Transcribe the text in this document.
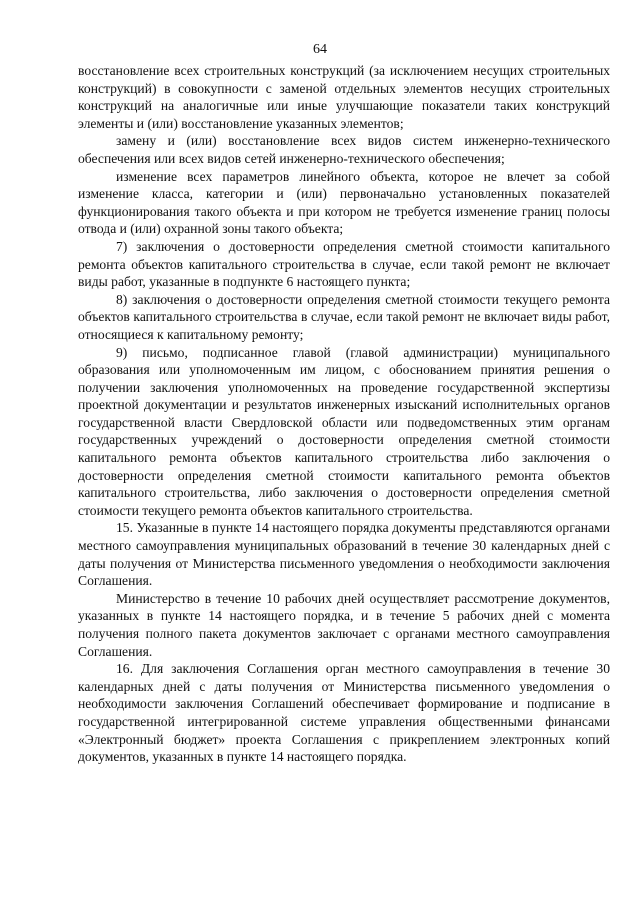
64

восстановление всех строительных конструкций (за исключением несущих строительных конструкций) в совокупности с заменой отдельных элементов несущих строительных конструкций на аналогичные или иные улучшающие показатели таких конструкций элементы и (или) восстановление указанных элементов;

замену и (или) восстановление всех видов систем инженерно-технического обеспечения или всех видов сетей инженерно-технического обеспечения;

изменение всех параметров линейного объекта, которое не влечет за собой изменение класса, категории и (или) первоначально установленных показателей функционирования такого объекта и при котором не требуется изменение границ полосы отвода и (или) охранной зоны такого объекта;

7) заключения о достоверности определения сметной стоимости капитального ремонта объектов капитального строительства в случае, если такой ремонт не включает виды работ, указанные в подпункте 6 настоящего пункта;

8) заключения о достоверности определения сметной стоимости текущего ремонта объектов капитального строительства в случае, если такой ремонт не включает виды работ, относящиеся к капитальному ремонту;

9) письмо, подписанное главой (главой администрации) муниципального образования или уполномоченным им лицом, с обоснованием принятия решения о получении заключения уполномоченных на проведение государственной экспертизы проектной документации и результатов инженерных изысканий исполнительных органов государственной власти Свердловской области или подведомственных этим органам государственных учреждений о достоверности определения сметной стоимости капитального ремонта объектов капитального строительства либо заключения о достоверности определения сметной стоимости капитального ремонта объектов капитального строительства, либо заключения о достоверности определения сметной стоимости текущего ремонта объектов капитального строительства.

15. Указанные в пункте 14 настоящего порядка документы представляются органами местного самоуправления муниципальных образований в течение 30 календарных дней с даты получения от Министерства письменного уведомления о необходимости заключения Соглашения.

Министерство в течение 10 рабочих дней осуществляет рассмотрение документов, указанных в пункте 14 настоящего порядка, и в течение 5 рабочих дней с момента получения полного пакета документов заключает с органами местного самоуправления Соглашения.

16. Для заключения Соглашения орган местного самоуправления в течение 30 календарных дней с даты получения от Министерства письменного уведомления о необходимости заключения Соглашений обеспечивает формирование и подписание в государственной интегрированной системе управления общественными финансами «Электронный бюджет» проекта Соглашения с прикреплением электронных копий документов, указанных в пункте 14 настоящего порядка.
